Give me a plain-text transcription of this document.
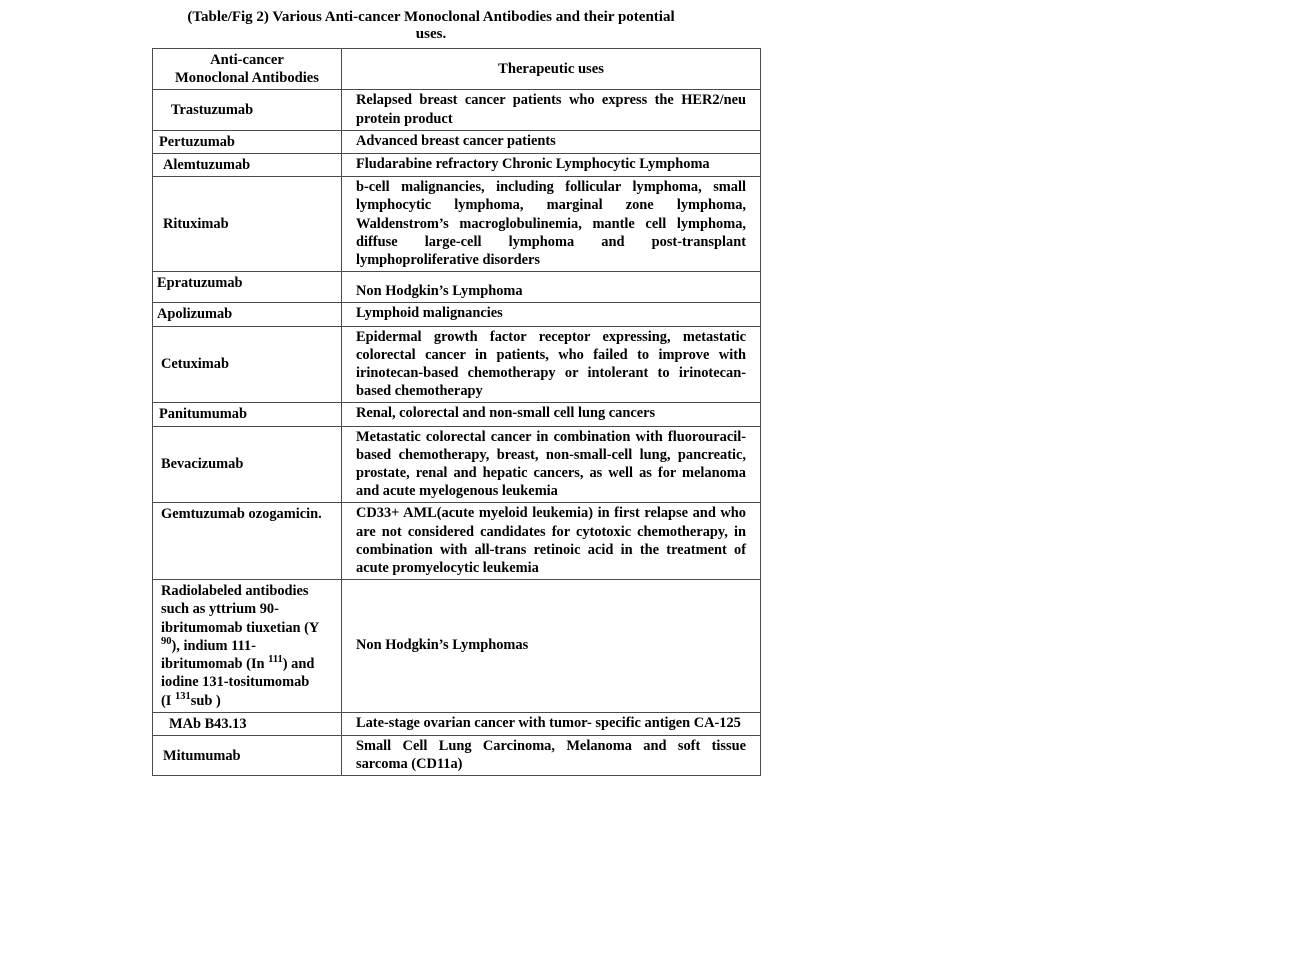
(Table/Fig 2) Various Anti-cancer Monoclonal Antibodies and their potential
uses.
Anti-cancer
Monoclonal Antibodies	Therapeutic uses
Trastuzumab	Relapsed breast cancer patients who express the HER2/neu protein product
Pertuzumab	Advanced breast cancer patients
Alemtuzumab	Fludarabine refractory Chronic Lymphocytic Lymphoma
Rituximab	b-cell malignancies, including follicular lymphoma, small lymphocytic lymphoma, marginal zone lymphoma, Waldenstrom’s macroglobulinemia, mantle cell lymphoma, diffuse large-cell lymphoma and post-transplant lymphoproliferative disorders
Epratuzumab	Non Hodgkin’s Lymphoma
Apolizumab	Lymphoid malignancies
Cetuximab	Epidermal growth factor receptor expressing, metastatic colorectal cancer in patients, who failed to improve with irinotecan-based chemotherapy or intolerant to irinotecan-based chemotherapy
Panitumumab	Renal, colorectal and non-small cell lung cancers
Bevacizumab	Metastatic colorectal cancer in combination with fluorouracil-based chemotherapy, breast, non-small-cell lung, pancreatic, prostate, renal and hepatic cancers, as well as for melanoma and acute myelogenous leukemia
Gemtuzumab ozogamicin.	CD33+ AML(acute myeloid leukemia) in first relapse and who are not considered candidates for cytotoxic chemotherapy, in combination with all-trans retinoic acid in the treatment of acute promyelocytic leukemia
Radiolabeled antibodies such as yttrium 90-ibritumomab tiuxetian (Y $^{90}$), indium 111-ibritumomab (In $^{111}$) and iodine 131-tositumomab (I $^{131}$sub )	Non Hodgkin’s Lymphomas
MAb B43.13	Late-stage ovarian cancer with tumor- specific antigen CA-125
Mitumumab	Small Cell Lung Carcinoma, Melanoma and soft tissue sarcoma (CD11a)
